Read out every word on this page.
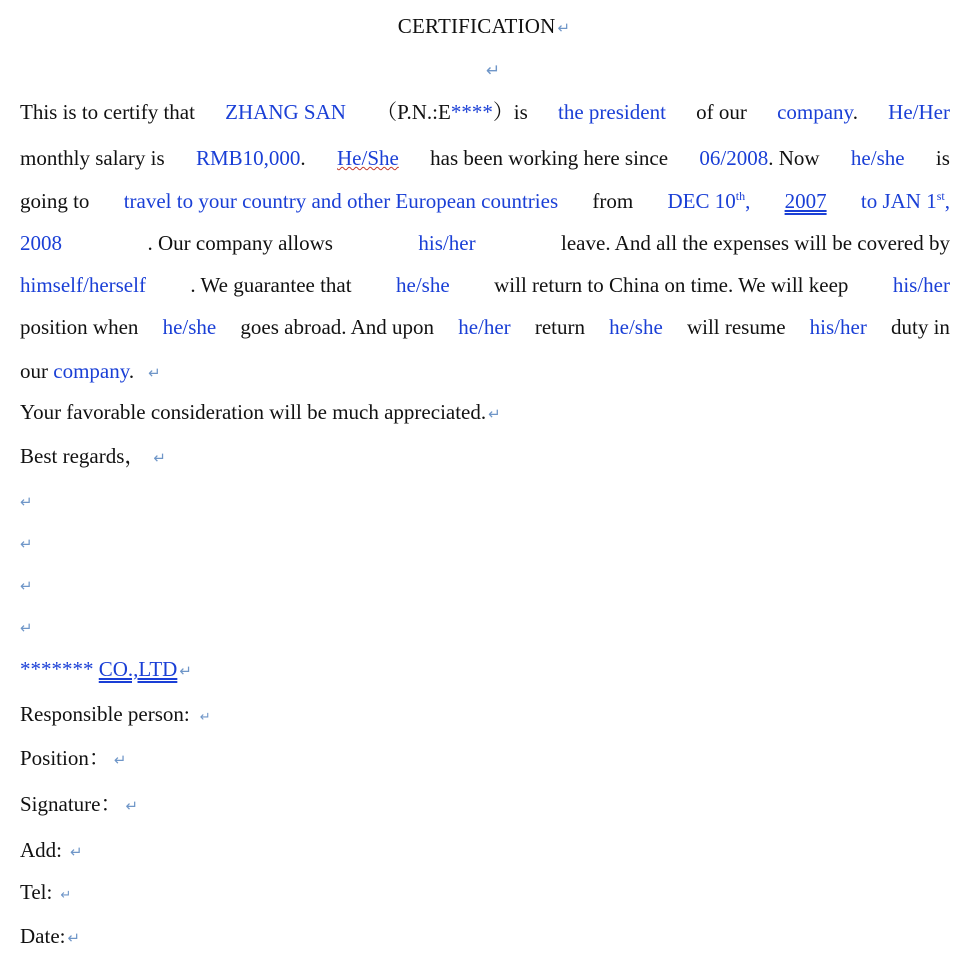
CERTIFICATION ↵
↵
This is to certify that ZHANG SAN （P.N.:E****）is the president of our company. He/Her
monthly salary is RMB10,000. He/She has been working here since 06/2008. Now he/she is
going to travel to your country and other European countries from DEC 10th, 2007 to JAN 1st,
2008	. Our company allows	his/her	leave. And all the expenses will be covered by
himself/herself . We guarantee that he/she will return to China on time. We will keep his/her
position when he/she goes abroad. And upon he/her return he/she will resume his/her duty in
our company. ↵
Your favorable consideration will be much appreciated. ↵
Best regards， ↵
↵
↵
↵
↵
******* CO.,LTD ↵
Responsible person: ↵
Position： ↵
Signature： ↵
Add: ↵
Tel: ↵
Date: ↵
